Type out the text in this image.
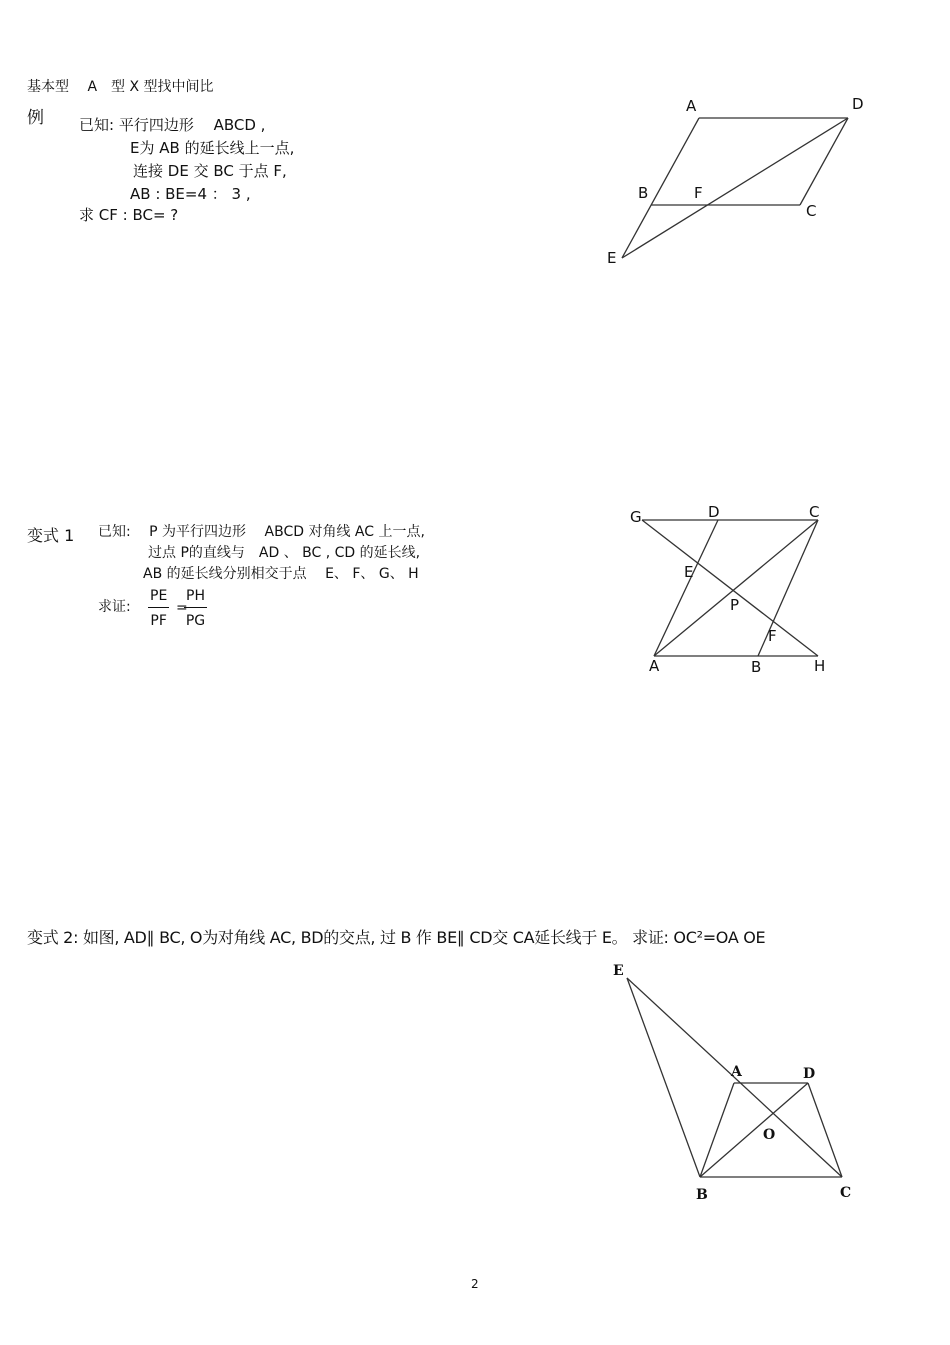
基本型　 A　型 X 型找中间比
例 已知: 平行四边形　 ABCD ,
E为 AB 的延长线上一点,
连接 DE 交 BC 于点 F,
AB : BE=4 ： 3 ,
求 CF : BC= ?
A	D
B	F
C
E
变式 1 已知:　 P 为平行四边形　 ABCD 对角线 AC 上一点,
过点 P的直线与　AD 、 BC , CD 的延长线,
AB 的延长线分别相交于点　 E、 F、 G、 H
求证: $\frac{PE}{PF}$ =
$\frac{PH}{PG}$
G	D	C
E
P
F
A	B	H
变式 2: 如图, AD∥ BC, O为对角线 AC, BD的交点, 过 B 作 BE∥ CD交 CA延长线于 E。 求证: OC²=OA OE
E
A	D
O
B	C
2
